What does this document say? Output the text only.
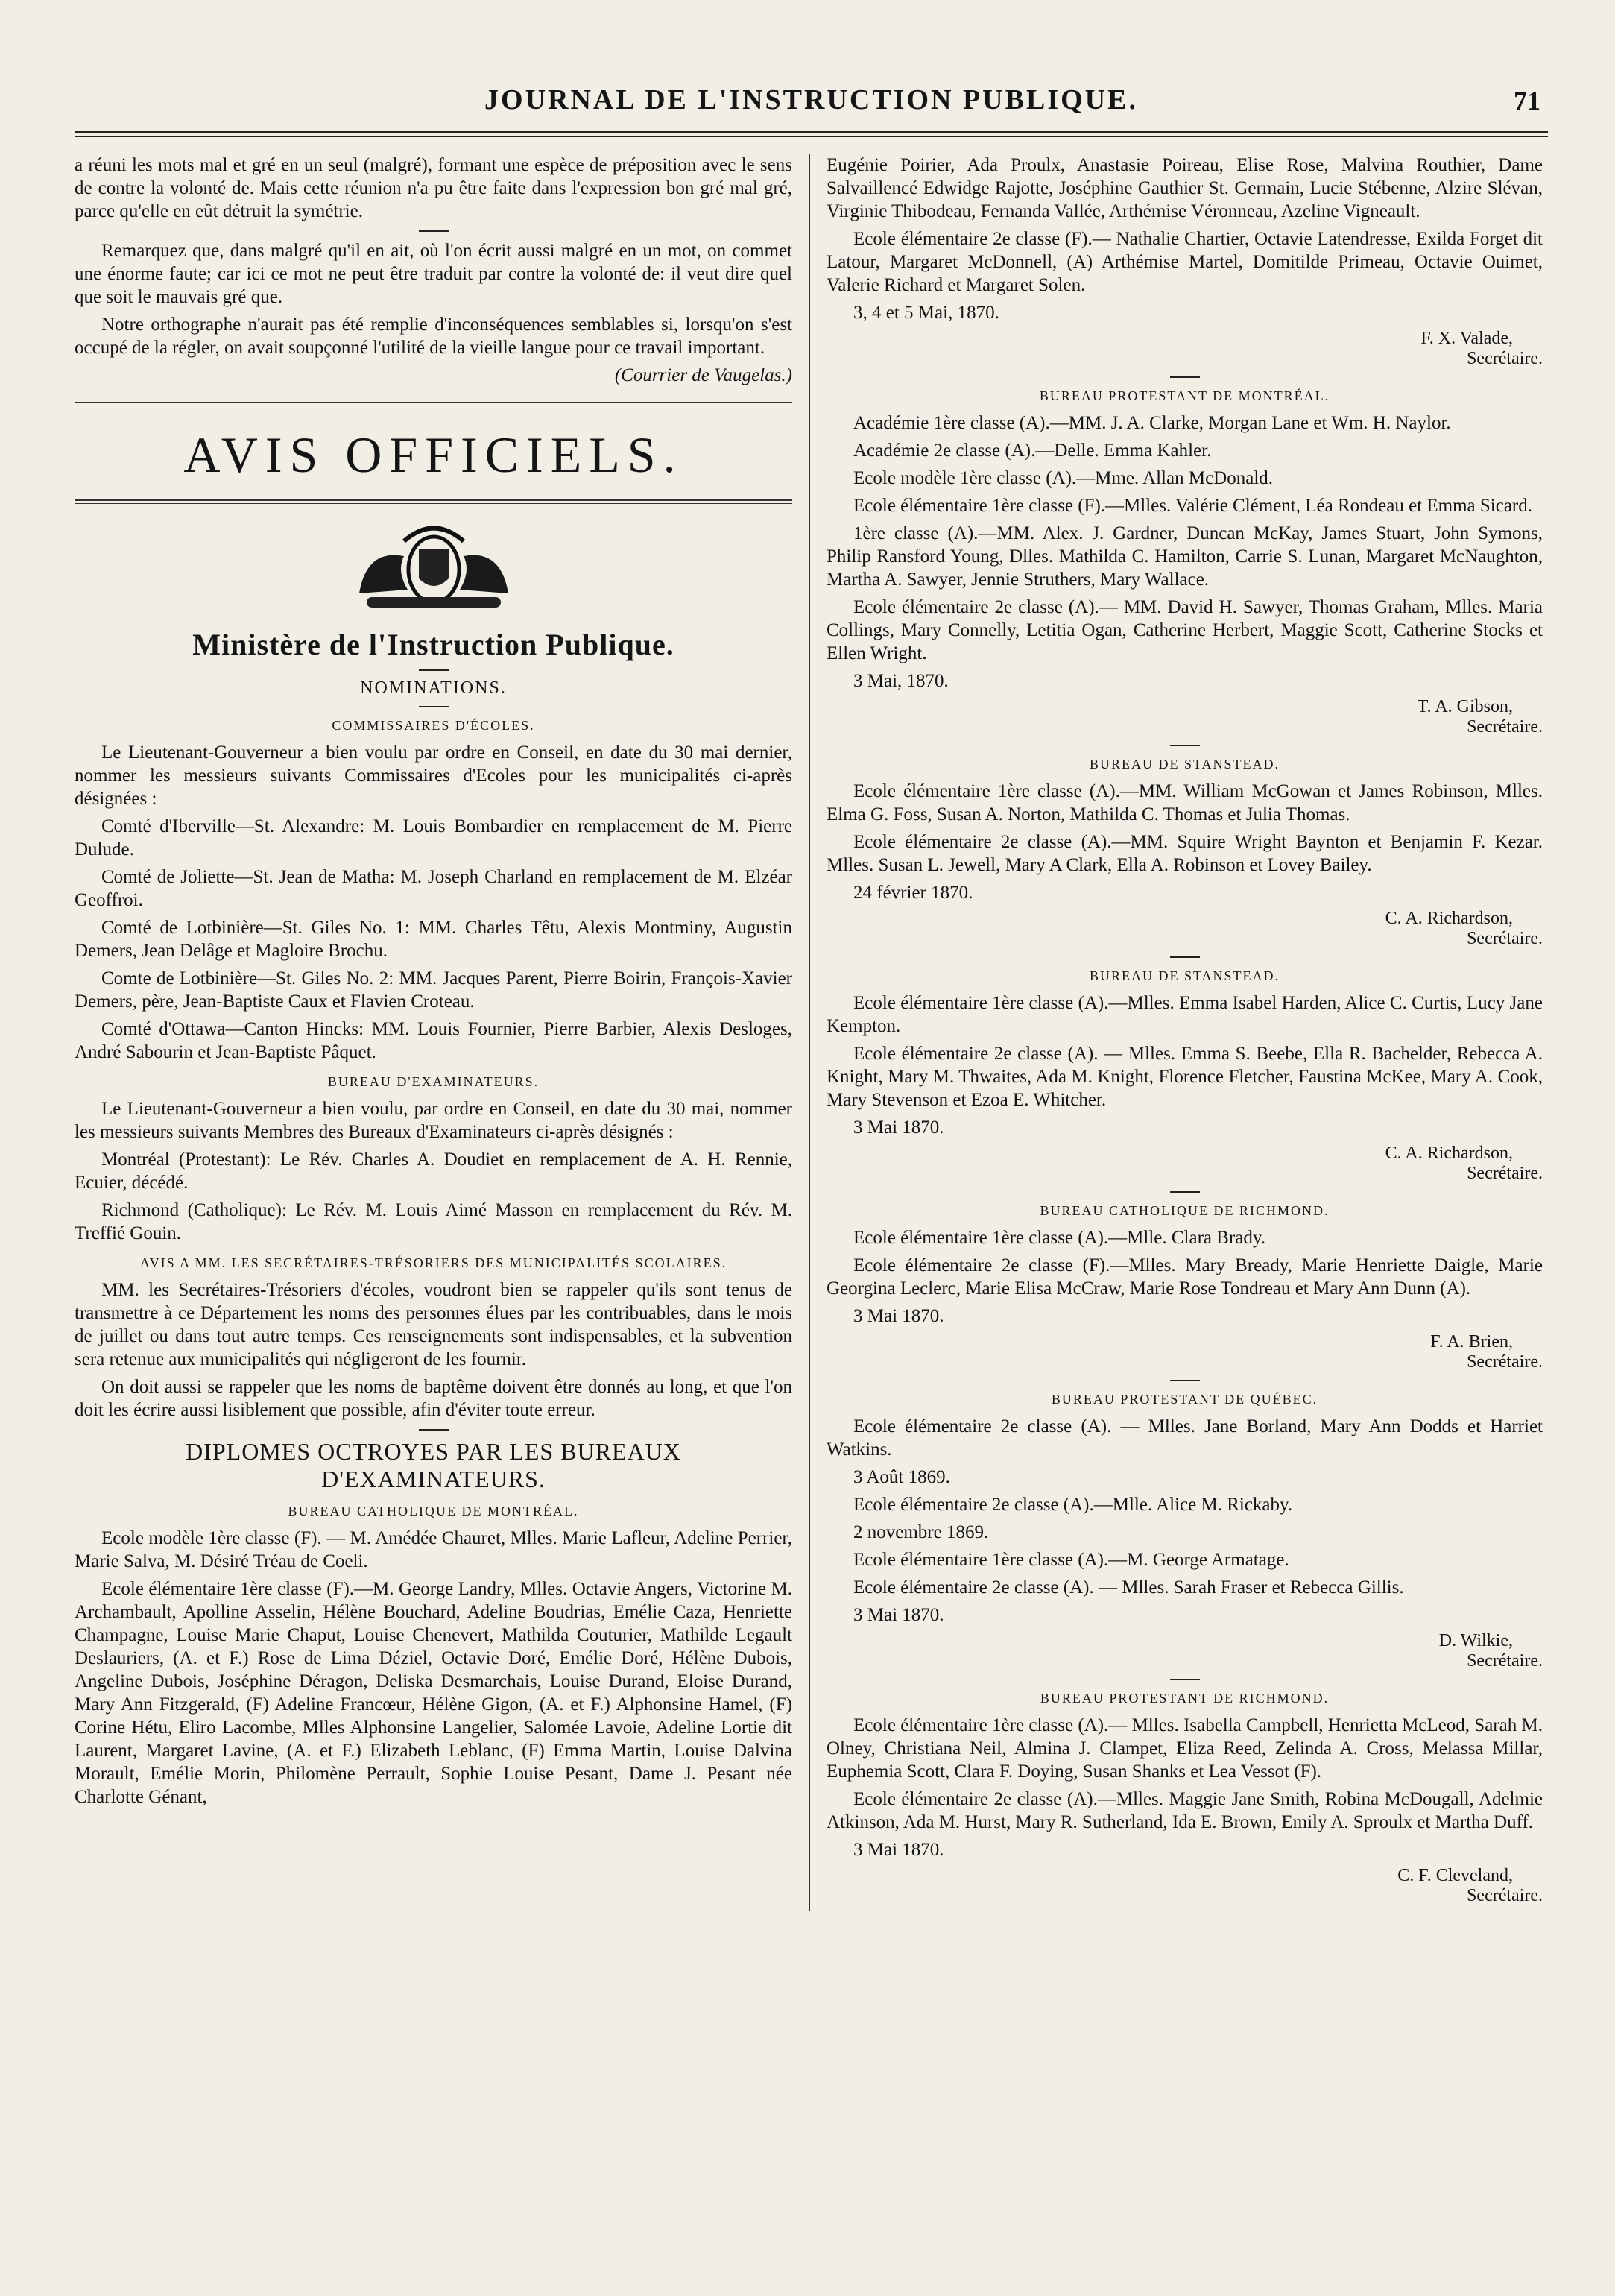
JOURNAL DE L'INSTRUCTION PUBLIQUE.	71

a réuni les mots mal et gré en un seul (malgré), formant une espèce de préposition avec le sens de contre la volonté de. Mais cette réunion n'a pu être faite dans l'expression bon gré mal gré, parce qu'elle en eût détruit la symétrie.

Remarquez que, dans malgré qu'il en ait, où l'on écrit aussi malgré en un mot, on commet une énorme faute; car ici ce mot ne peut être traduit par contre la volonté de: il veut dire quel que soit le mauvais gré que.

Notre orthographe n'aurait pas été remplie d'inconséquences semblables si, lorsqu'on s'est occupé de la régler, on avait soupçonné l'utilité de la vieille langue pour ce travail important.

(Courrier de Vaugelas.)

AVIS OFFICIELS.
Ministère de l'Instruction Publique.
NOMINATIONS.
COMMISSAIRES D'ÉCOLES.

Le Lieutenant-Gouverneur a bien voulu par ordre en Conseil, en date du 30 mai dernier, nommer les messieurs suivants Commissaires d'Ecoles pour les municipalités ci-après désignées :

Comté d'Iberville—St. Alexandre: M. Louis Bombardier en remplacement de M. Pierre Dulude.

Comté de Joliette—St. Jean de Matha: M. Joseph Charland en remplacement de M. Elzéar Geoffroi.

Comté de Lotbinière—St. Giles No. 1: MM. Charles Têtu, Alexis Montminy, Augustin Demers, Jean Delâge et Magloire Brochu.

Comte de Lotbinière—St. Giles No. 2: MM. Jacques Parent, Pierre Boirin, François-Xavier Demers, père, Jean-Baptiste Caux et Flavien Croteau.

Comté d'Ottawa—Canton Hincks: MM. Louis Fournier, Pierre Barbier, Alexis Desloges, André Sabourin et Jean-Baptiste Pâquet.

BUREAU D'EXAMINATEURS.

Le Lieutenant-Gouverneur a bien voulu, par ordre en Conseil, en date du 30 mai, nommer les messieurs suivants Membres des Bureaux d'Examinateurs ci-après désignés :

Montréal (Protestant): Le Rév. Charles A. Doudiet en remplacement de A. H. Rennie, Ecuier, décédé.

Richmond (Catholique): Le Rév. M. Louis Aimé Masson en remplacement du Rév. M. Treffié Gouin.

AVIS A MM. LES SECRÉTAIRES-TRÉSORIERS DES MUNICIPALITÉS SCOLAIRES.

MM. les Secrétaires-Trésoriers d'écoles, voudront bien se rappeler qu'ils sont tenus de transmettre à ce Département les noms des personnes élues par les contribuables, dans le mois de juillet ou dans tout autre temps. Ces renseignements sont indispensables, et la subvention sera retenue aux municipalités qui négligeront de les fournir.

On doit aussi se rappeler que les noms de baptême doivent être donnés au long, et que l'on doit les écrire aussi lisiblement que possible, afin d'éviter toute erreur.

DIPLOMES OCTROYES PAR LES BUREAUX D'EXAMINATEURS.
BUREAU CATHOLIQUE DE MONTRÉAL.

Ecole modèle 1ère classe (F). — M. Amédée Chauret, Mlles. Marie Lafleur, Adeline Perrier, Marie Salva, M. Désiré Tréau de Coeli.

Ecole élémentaire 1ère classe (F).—M. George Landry, Mlles. Octavie Angers, Victorine M. Archambault, Apolline Asselin, Hélène Bouchard, Adeline Boudrias, Emélie Caza, Henriette Champagne, Louise Marie Chaput, Louise Chenevert, Mathilda Couturier, Mathilde Legault Deslauriers, (A. et F.) Rose de Lima Déziel, Octavie Doré, Emélie Doré, Hélène Dubois, Angeline Dubois, Joséphine Déragon, Deliska Desmarchais, Louise Durand, Eloise Durand, Mary Ann Fitzgerald, (F) Adeline Francœur, Hélène Gigon, (A. et F.) Alphonsine Hamel, (F) Corine Hétu, Eliro Lacombe, Mlles Alphonsine Langelier, Salomée Lavoie, Adeline Lortie dit Laurent, Margaret Lavine, (A. et F.) Elizabeth Leblanc, (F) Emma Martin, Louise Dalvina Morault, Emélie Morin, Philomène Perrault, Sophie Louise Pesant, Dame J. Pesant née Charlotte Génant,

Eugénie Poirier, Ada Proulx, Anastasie Poireau, Elise Rose, Malvina Routhier, Dame Salvaillencé Edwidge Rajotte, Joséphine Gauthier St. Germain, Lucie Stébenne, Alzire Slévan, Virginie Thibodeau, Fernanda Vallée, Arthémise Véronneau, Azeline Vigneault.

Ecole élémentaire 2e classe (F).— Nathalie Chartier, Octavie Latendresse, Exilda Forget dit Latour, Margaret McDonnell, (A) Arthémise Martel, Domitilde Primeau, Octavie Ouimet, Valerie Richard et Margaret Solen.

3, 4 et 5 Mai, 1870.

F. X. Valade,
Secrétaire.
BUREAU PROTESTANT DE MONTRÉAL.

Académie 1ère classe (A).—MM. J. A. Clarke, Morgan Lane et Wm. H. Naylor.

Académie 2e classe (A).—Delle. Emma Kahler.

Ecole modèle 1ère classe (A).—Mme. Allan McDonald.

Ecole élémentaire 1ère classe (F).—Mlles. Valérie Clément, Léa Rondeau et Emma Sicard.

1ère classe (A).—MM. Alex. J. Gardner, Duncan McKay, James Stuart, John Symons, Philip Ransford Young, Dlles. Mathilda C. Hamilton, Carrie S. Lunan, Margaret McNaughton, Martha A. Sawyer, Jennie Struthers, Mary Wallace.

Ecole élémentaire 2e classe (A).— MM. David H. Sawyer, Thomas Graham, Mlles. Maria Collings, Mary Connelly, Letitia Ogan, Catherine Herbert, Maggie Scott, Catherine Stocks et Ellen Wright.

3 Mai, 1870.

T. A. Gibson,
Secrétaire.
BUREAU DE STANSTEAD.

Ecole élémentaire 1ère classe (A).—MM. William McGowan et James Robinson, Mlles. Elma G. Foss, Susan A. Norton, Mathilda C. Thomas et Julia Thomas.

Ecole élémentaire 2e classe (A).—MM. Squire Wright Baynton et Benjamin F. Kezar. Mlles. Susan L. Jewell, Mary A Clark, Ella A. Robinson et Lovey Bailey.

24 février 1870.

C. A. Richardson,
Secrétaire.
BUREAU DE STANSTEAD.

Ecole élémentaire 1ère classe (A).—Mlles. Emma Isabel Harden, Alice C. Curtis, Lucy Jane Kempton.

Ecole élémentaire 2e classe (A). — Mlles. Emma S. Beebe, Ella R. Bachelder, Rebecca A. Knight, Mary M. Thwaites, Ada M. Knight, Florence Fletcher, Faustina McKee, Mary A. Cook, Mary Stevenson et Ezoa E. Whitcher.

3 Mai 1870.

C. A. Richardson,
Secrétaire.
BUREAU CATHOLIQUE DE RICHMOND.

Ecole élémentaire 1ère classe (A).—Mlle. Clara Brady.

Ecole élémentaire 2e classe (F).—Mlles. Mary Bready, Marie Henriette Daigle, Marie Georgina Leclerc, Marie Elisa McCraw, Marie Rose Tondreau et Mary Ann Dunn (A).

3 Mai 1870.

F. A. Brien,
Secrétaire.
BUREAU PROTESTANT DE QUÉBEC.

Ecole élémentaire 2e classe (A). — Mlles. Jane Borland, Mary Ann Dodds et Harriet Watkins.

3 Août 1869.

Ecole élémentaire 2e classe (A).—Mlle. Alice M. Rickaby.

2 novembre 1869.

Ecole élémentaire 1ère classe (A).—M. George Armatage.

Ecole élémentaire 2e classe (A). — Mlles. Sarah Fraser et Rebecca Gillis.

3 Mai 1870.

D. Wilkie,
Secrétaire.
BUREAU PROTESTANT DE RICHMOND.

Ecole élémentaire 1ère classe (A).— Mlles. Isabella Campbell, Henrietta McLeod, Sarah M. Olney, Christiana Neil, Almina J. Clampet, Eliza Reed, Zelinda A. Cross, Melassa Millar, Euphemia Scott, Clara F. Doying, Susan Shanks et Lea Vessot (F).

Ecole élémentaire 2e classe (A).—Mlles. Maggie Jane Smith, Robina McDougall, Adelmie Atkinson, Ada M. Hurst, Mary R. Sutherland, Ida E. Brown, Emily A. Sproulx et Martha Duff.

3 Mai 1870.

C. F. Cleveland,
Secrétaire.
